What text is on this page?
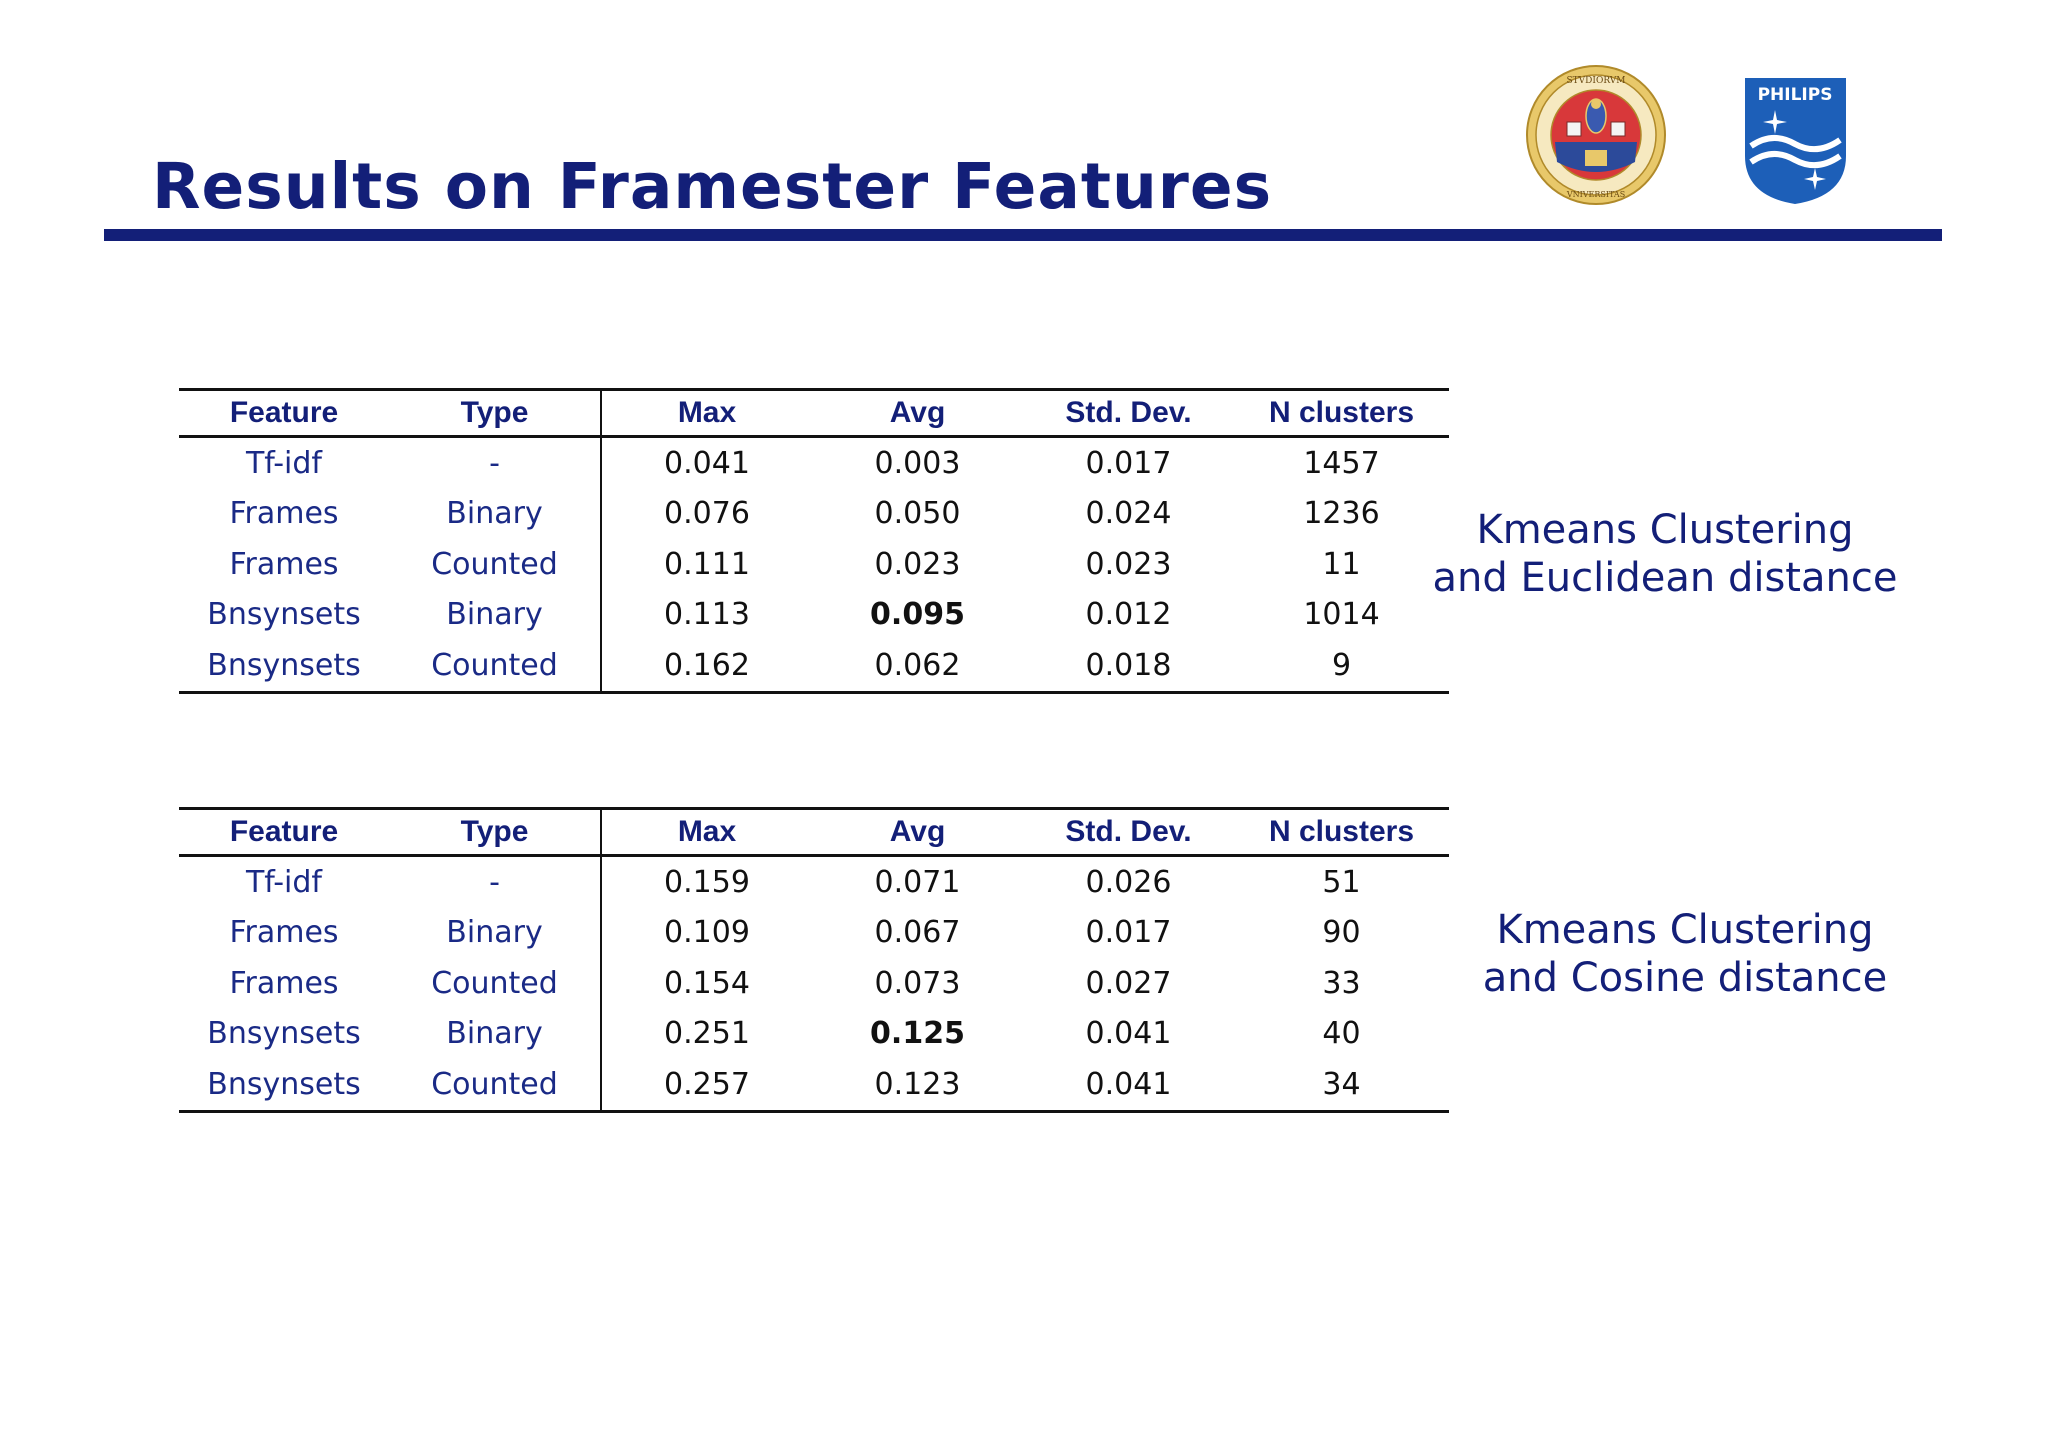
Results on Framester Features
STVDIORVM
VNIVERSITAS
PHILIPS
Feature	Type	Max	Avg	Std. Dev.	N clusters
Tf-idf	-	0.041	0.003	0.017	1457
Frames	Binary	0.076	0.050	0.024	1236
Frames	Counted	0.111	0.023	0.023	11
Bnsynsets	Binary	0.113	0.095	0.012	1014
Bnsynsets	Counted	0.162	0.062	0.018	9
Kmeans Clustering
and Euclidean distance
Feature	Type	Max	Avg	Std. Dev.	N clusters
Tf-idf	-	0.159	0.071	0.026	51
Frames	Binary	0.109	0.067	0.017	90
Frames	Counted	0.154	0.073	0.027	33
Bnsynsets	Binary	0.251	0.125	0.041	40
Bnsynsets	Counted	0.257	0.123	0.041	34
Kmeans Clustering
and Cosine distance
